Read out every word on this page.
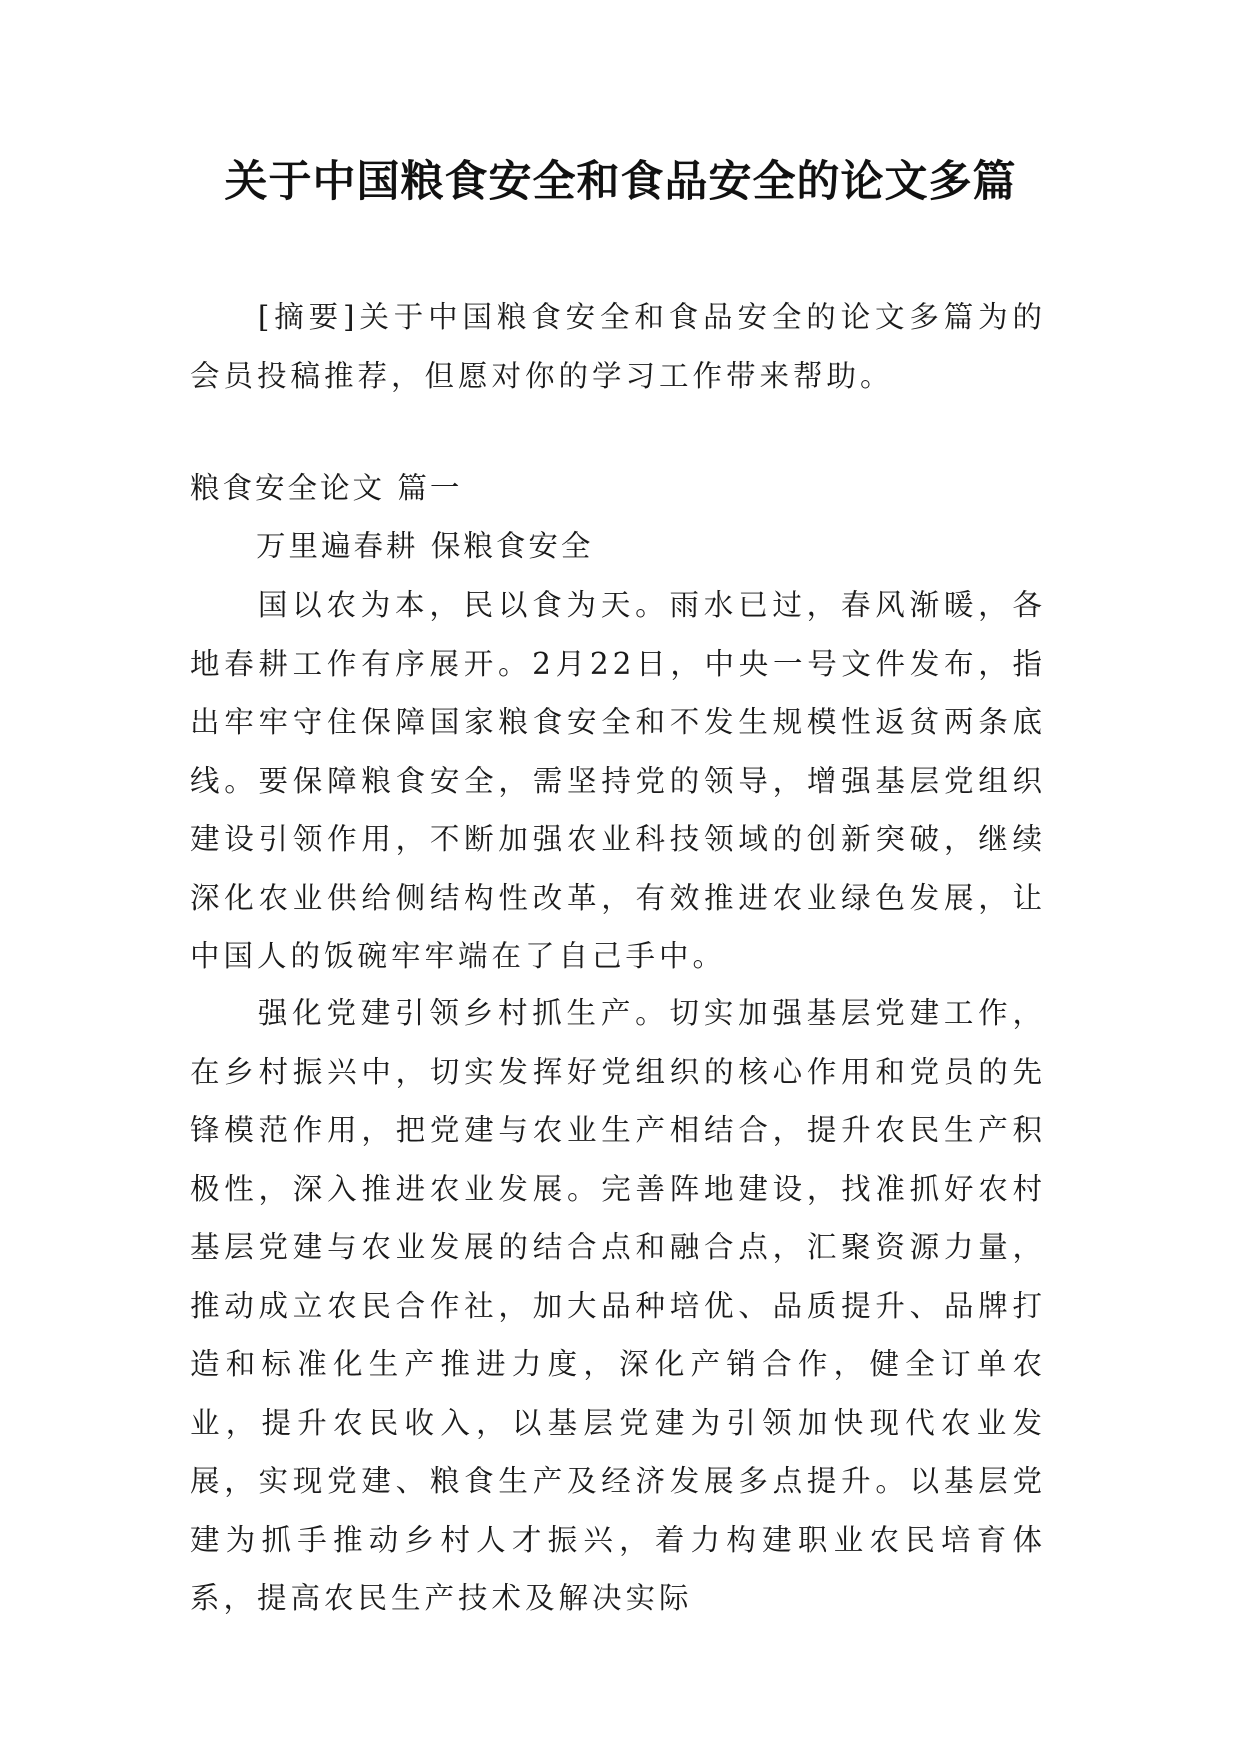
关于中国粮食安全和食品安全的论文多篇

[摘要]关于中国粮食安全和食品安全的论文多篇为的会员投稿推荐，但愿对你的学习工作带来帮助。

粮食安全论文 篇一

万里遍春耕 保粮食安全

国以农为本，民以食为天。雨水已过，春风渐暖，各地春耕工作有序展开。2月22日，中央一号文件发布，指出牢牢守住保障国家粮食安全和不发生规模性返贫两条底线。要保障粮食安全，需坚持党的领导，增强基层党组织建设引领作用，不断加强农业科技领域的创新突破，继续深化农业供给侧结构性改革，有效推进农业绿色发展，让中国人的饭碗牢牢端在了自己手中。

强化党建引领乡村抓生产。切实加强基层党建工作，在乡村振兴中，切实发挥好党组织的核心作用和党员的先锋模范作用，把党建与农业生产相结合，提升农民生产积极性，深入推进农业发展。完善阵地建设，找准抓好农村基层党建与农业发展的结合点和融合点，汇聚资源力量，推动成立农民合作社，加大品种培优、品质提升、品牌打造和标准化生产推进力度，深化产销合作，健全订单农业，提升农民收入，以基层党建为引领加快现代农业发展，实现党建、粮食生产及经济发展多点提升。以基层党建为抓手推动乡村人才振兴，着力构建职业农民培育体系，提高农民生产技术及解决实际
